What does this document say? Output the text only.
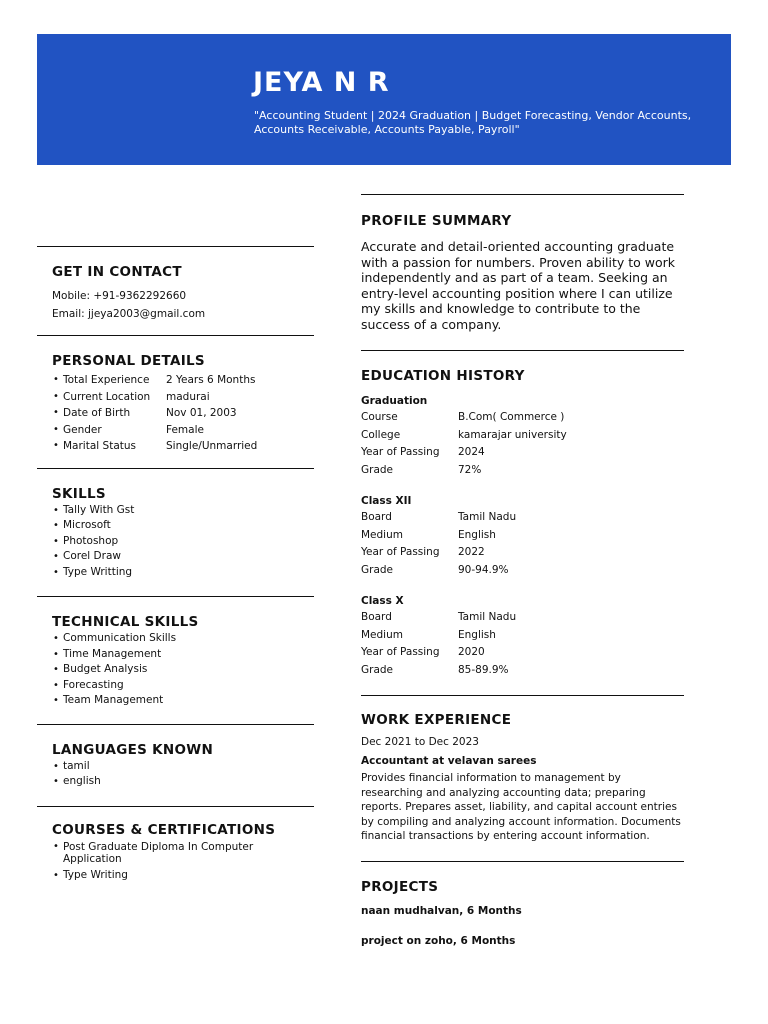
JEYA N R
"Accounting Student | 2024 Graduation | Budget Forecasting, Vendor Accounts, Accounts Receivable, Accounts Payable, Payroll"
GET IN CONTACT
Mobile: +91-9362292660
Email: jjeya2003@gmail.com
PERSONAL DETAILS
• Total Experience	2 Years 6 Months
• Current Location	madurai
• Date of Birth	Nov 01, 2003
• Gender	Female
• Marital Status	Single/Unmarried
SKILLS
• Tally With Gst
• Microsoft
• Photoshop
• Corel Draw
• Type Writting
TECHNICAL SKILLS
• Communication Skills
• Time Management
• Budget Analysis
• Forecasting
• Team Management
LANGUAGES KNOWN
• tamil
• english
COURSES & CERTIFICATIONS
• Post Graduate Diploma In Computer Application
• Type Writing
PROFILE SUMMARY
Accurate and detail-oriented accounting graduate with a passion for numbers. Proven ability to work independently and as part of a team. Seeking an entry-level accounting position where I can utilize my skills and knowledge to contribute to the success of a company.
EDUCATION HISTORY
Graduation
Course	B.Com( Commerce )
College	kamarajar university
Year of Passing	2024
Grade	72%
Class XII
Board	Tamil Nadu
Medium	English
Year of Passing	2022
Grade	90-94.9%
Class X
Board	Tamil Nadu
Medium	English
Year of Passing	2020
Grade	85-89.9%
WORK EXPERIENCE
Dec 2021 to Dec 2023
Accountant at velavan sarees
Provides financial information to management by researching and analyzing accounting data; preparing reports. Prepares asset, liability, and capital account entries by compiling and analyzing account information. Documents financial transactions by entering account information.
PROJECTS
naan mudhalvan, 6 Months
project on zoho, 6 Months
